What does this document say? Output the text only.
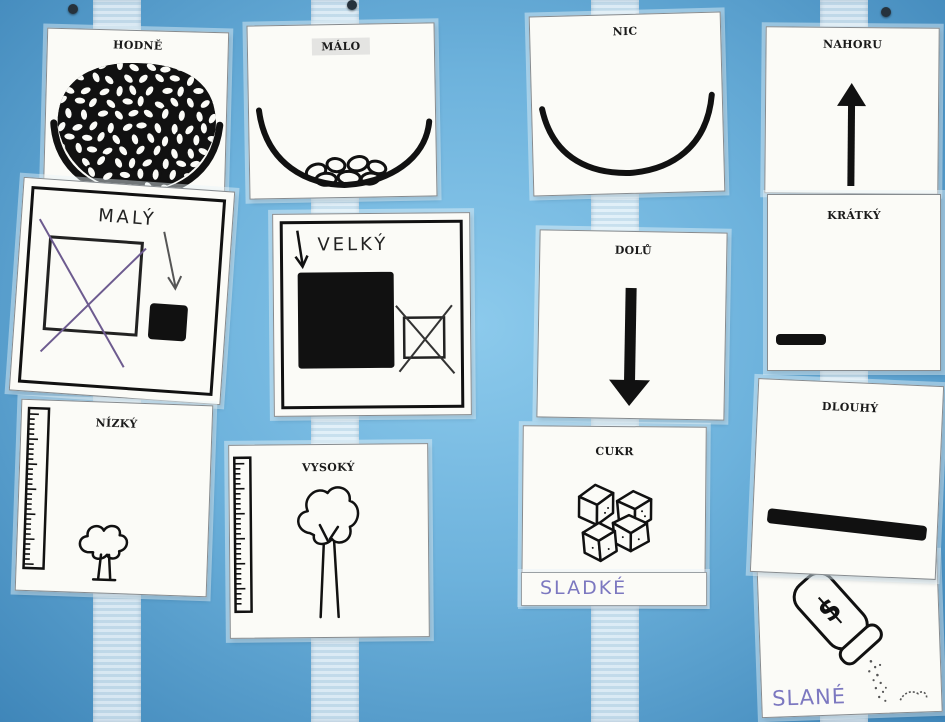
HODNĚ	MÁLO
NIC
NAHORU
MALÝ
VELKÝ	DOLŮ
KRÁTKÝ
NÍZKÝ
VYSOKÝ
CUKR
SLADKÉ
SLANÉ
DLOUHÝ
